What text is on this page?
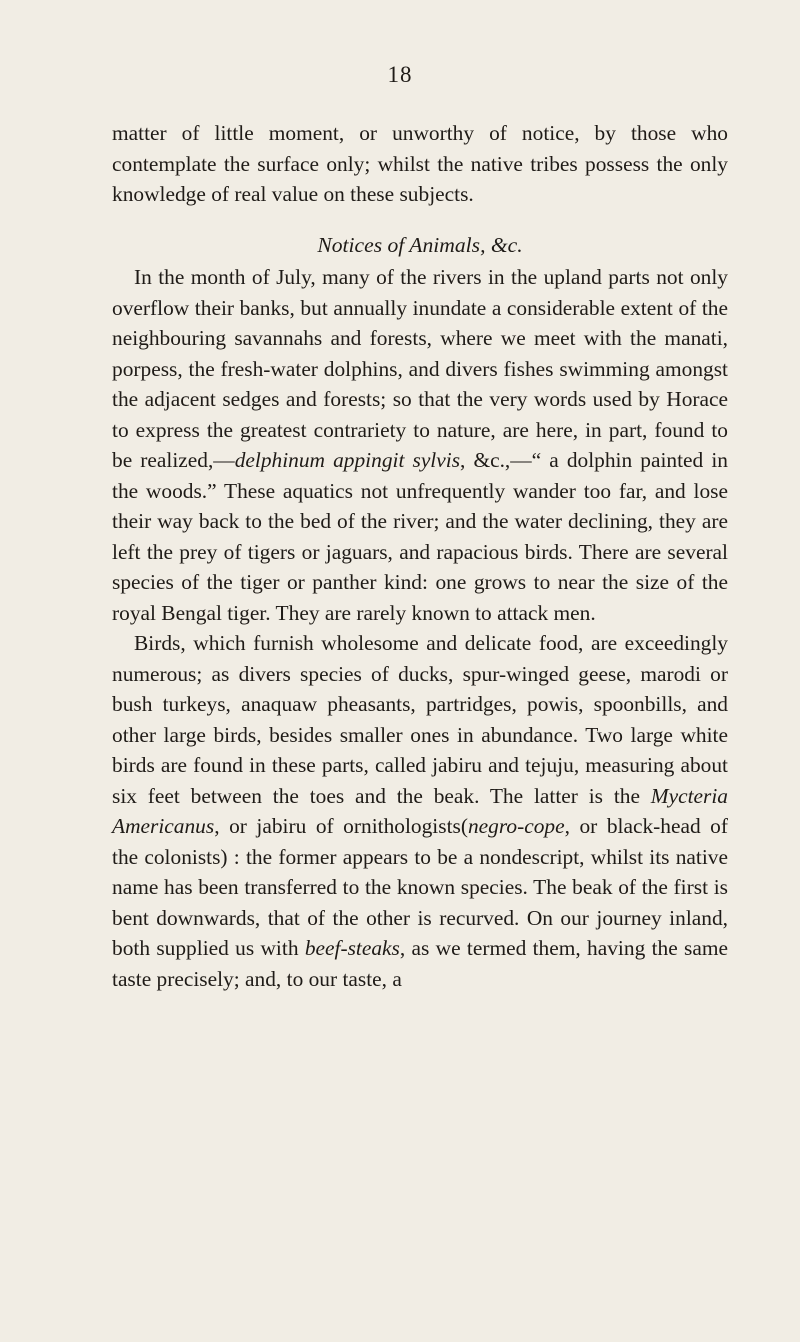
18

matter of little moment, or unworthy of notice, by those who contemplate the surface only; whilst the native tribes possess the only knowledge of real value on these subjects.

Notices of Animals, &c.

In the month of July, many of the rivers in the upland parts not only overflow their banks, but annually inundate a considerable extent of the neighbouring savannahs and forests, where we meet with the manati, porpess, the fresh-water dolphins, and divers fishes swimming amongst the adjacent sedges and forests; so that the very words used by Horace to express the greatest contrariety to nature, are here, in part, found to be realized,—delphinum appingit sylvis, &c.,—“ a dolphin painted in the woods.” These aquatics not unfrequently wander too far, and lose their way back to the bed of the river; and the water declining, they are left the prey of tigers or jaguars, and rapacious birds. There are several species of the tiger or panther kind: one grows to near the size of the royal Bengal tiger. They are rarely known to attack men.

Birds, which furnish wholesome and delicate food, are exceedingly numerous; as divers species of ducks, spur-winged geese, marodi or bush turkeys, anaquaw pheasants, partridges, powis, spoonbills, and other large birds, besides smaller ones in abundance. Two large white birds are found in these parts, called jabiru and tejuju, measuring about six feet between the toes and the beak. The latter is the Mycteria Americanus, or jabiru of ornithologists(negro-cope, or black-head of the colonists) : the former appears to be a nondescript, whilst its native name has been transferred to the known species. The beak of the first is bent downwards, that of the other is recurved. On our journey inland, both supplied us with beef-steaks, as we termed them, having the same taste precisely; and, to our taste, a
